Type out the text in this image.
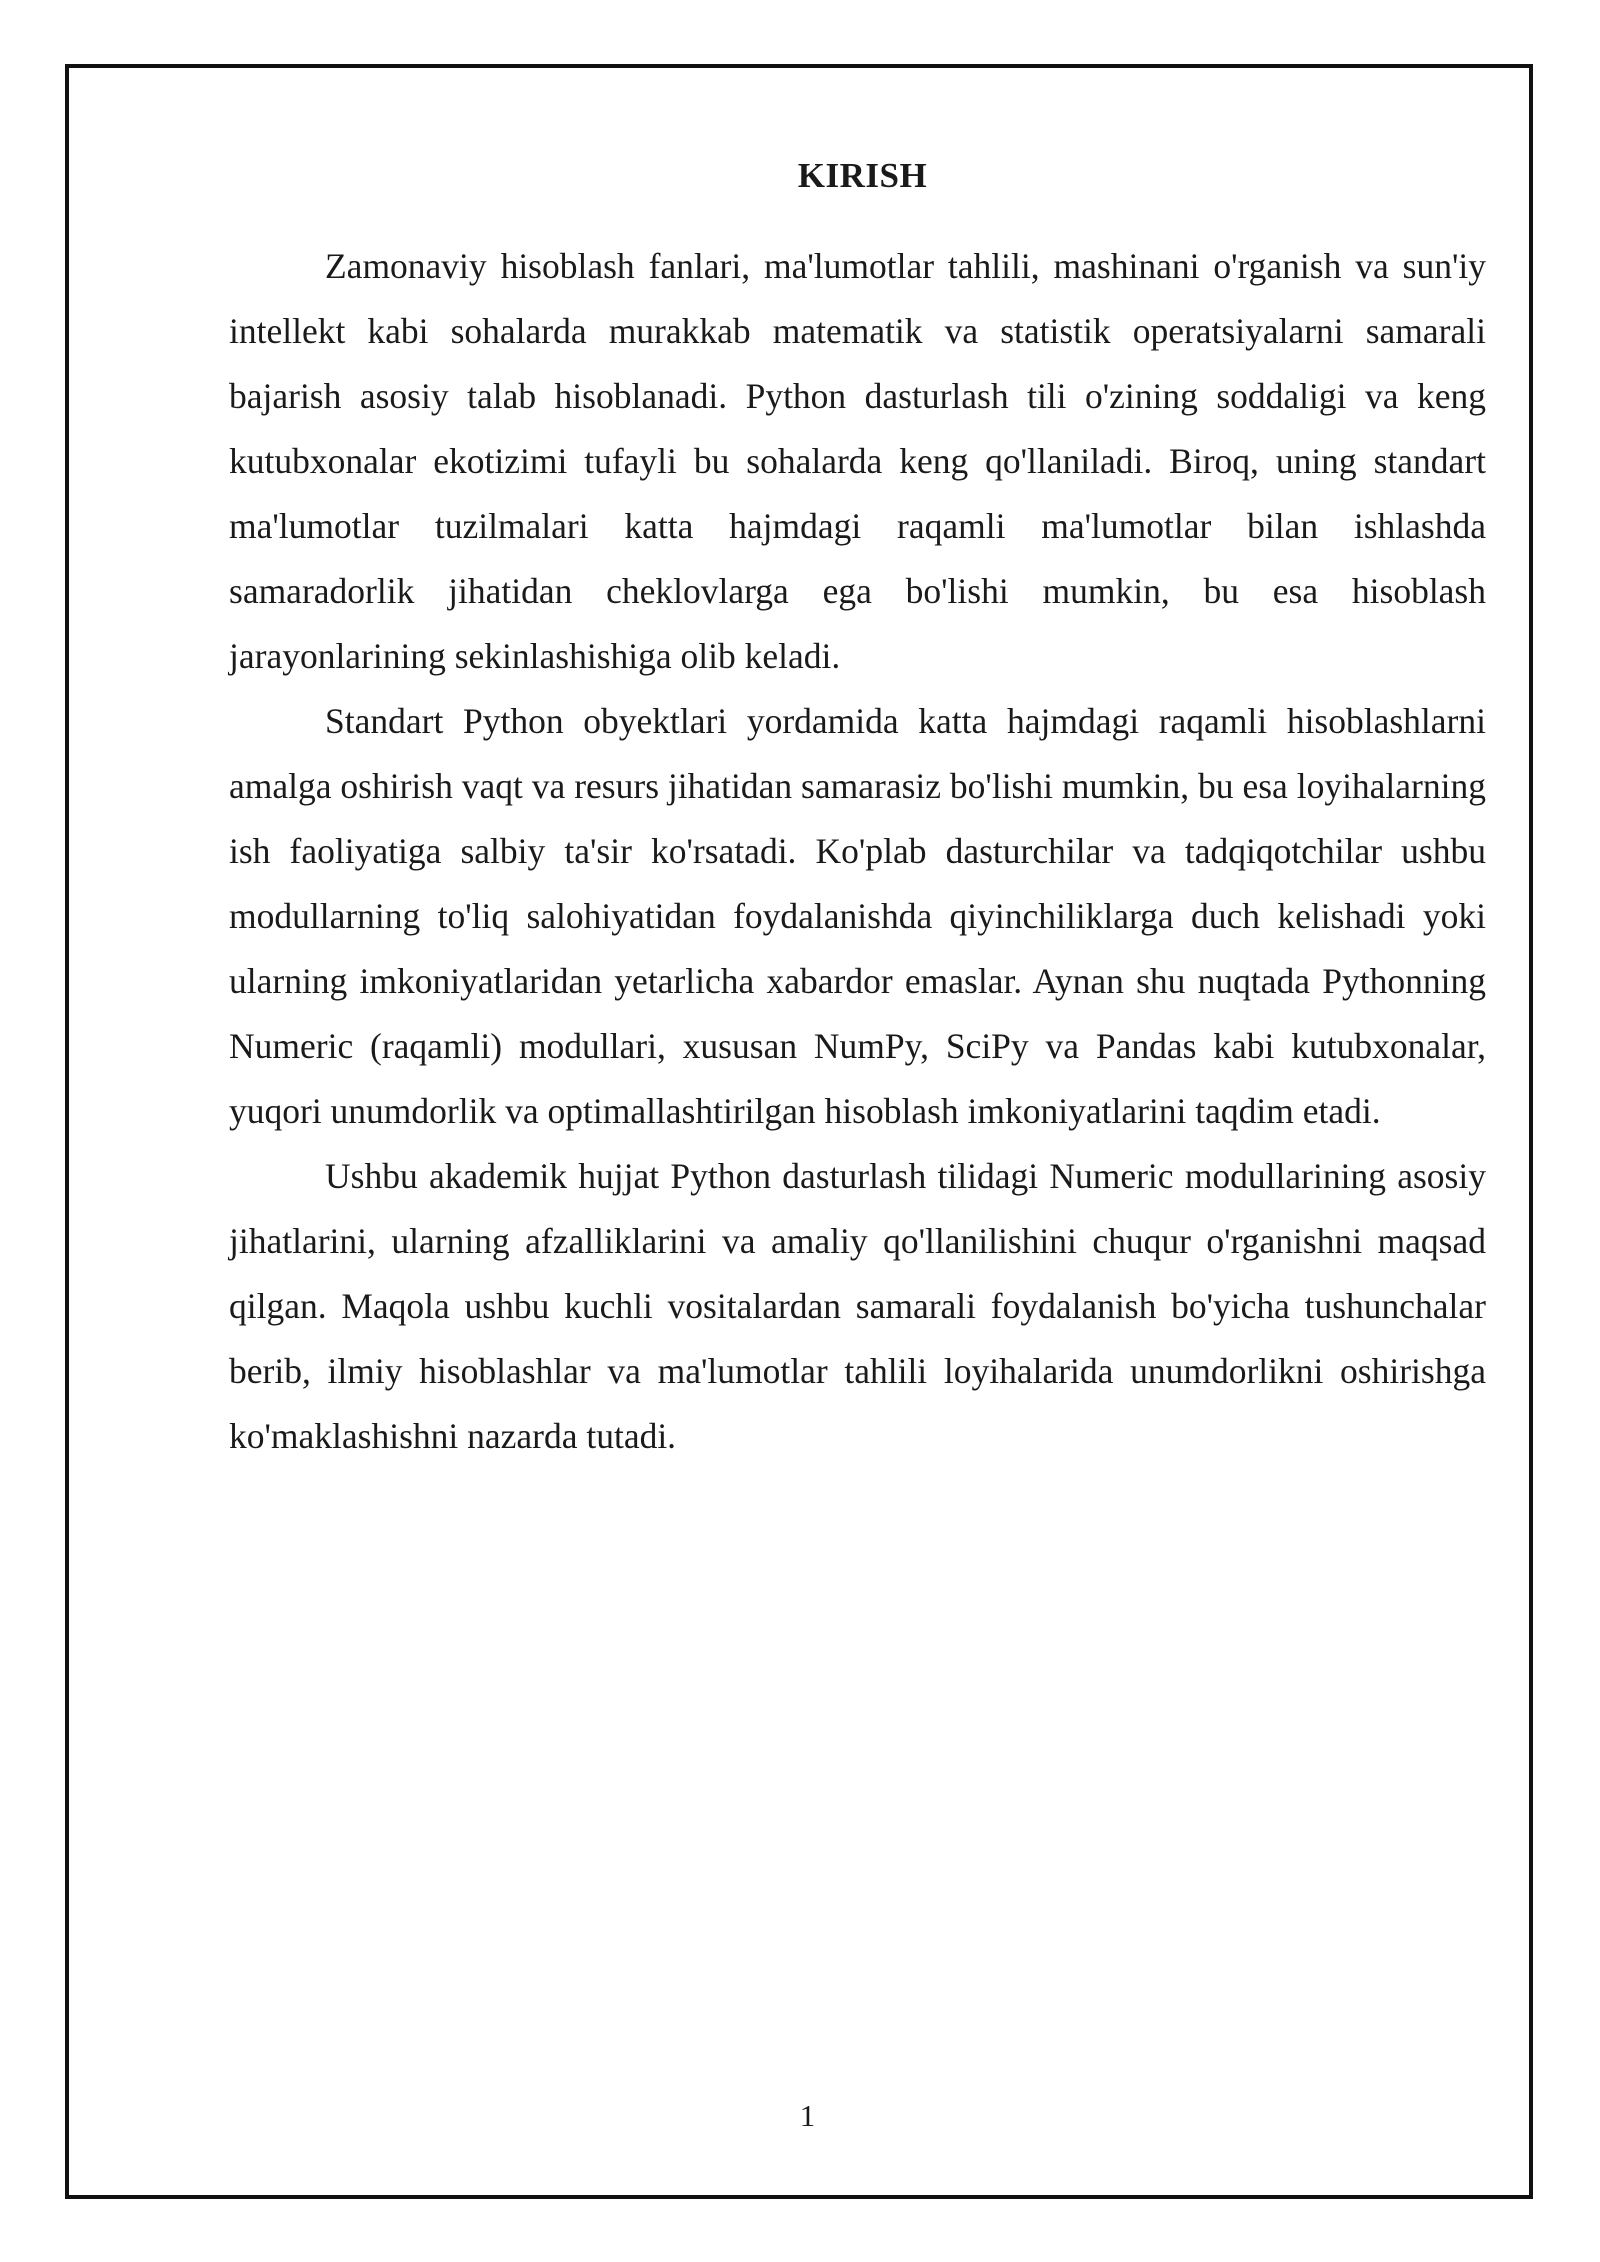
KIRISH

Zamonaviy hisoblash fanlari, ma'lumotlar tahlili, mashinani o'rganish va sun'iy intellekt kabi sohalarda murakkab matematik va statistik operatsiyalarni samarali bajarish asosiy talab hisoblanadi. Python dasturlash tili o'zining soddaligi va keng kutubxonalar ekotizimi tufayli bu sohalarda keng qo'llaniladi. Biroq, uning standart ma'lumotlar tuzilmalari katta hajmdagi raqamli ma'lumotlar bilan ishlashda samaradorlik jihatidan cheklovlarga ega bo'lishi mumkin, bu esa hisoblash jarayonlarining sekinlashishiga olib keladi.

Standart Python obyektlari yordamida katta hajmdagi raqamli hisoblashlarni amalga oshirish vaqt va resurs jihatidan samarasiz bo'lishi mumkin, bu esa loyihalarning ish faoliyatiga salbiy ta'sir ko'rsatadi. Ko'plab dasturchilar va tadqiqotchilar ushbu modullarning to'liq salohiyatidan foydalanishda qiyinchiliklarga duch kelishadi yoki ularning imkoniyatlaridan yetarlicha xabardor emaslar. Aynan shu nuqtada Pythonning Numeric (raqamli) modullari, xususan NumPy, SciPy va Pandas kabi kutubxonalar, yuqori unumdorlik va optimallashtirilgan hisoblash imkoniyatlarini taqdim etadi.

Ushbu akademik hujjat Python dasturlash tilidagi Numeric modullarining asosiy jihatlarini, ularning afzalliklarini va amaliy qo'llanilishini chuqur o'rganishni maqsad qilgan. Maqola ushbu kuchli vositalardan samarali foydalanish bo'yicha tushunchalar berib, ilmiy hisoblashlar va ma'lumotlar tahlili loyihalarida unumdorlikni oshirishga ko'maklashishni nazarda tutadi.

1
